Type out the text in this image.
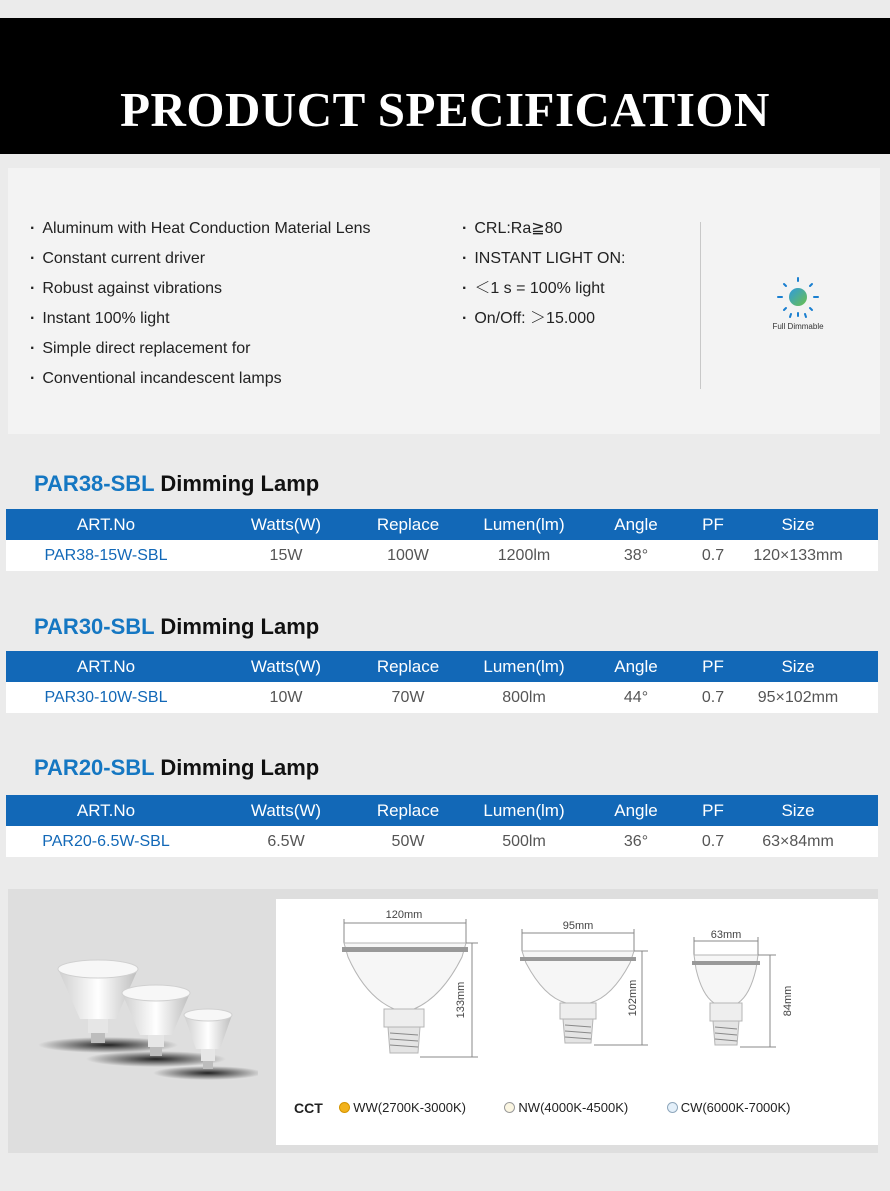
PRODUCT SPECIFICATION
· Aluminum with Heat Conduction Material Lens
· Constant current driver
· Robust against vibrations
· Instant 100% light
· Simple direct replacement for
· Conventional incandescent lamps
· CRL:Ra≧80
· INSTANT LIGHT ON:
· ＜1 s = 100% light
· On/Off: ＞15.000	Full Dimmable
PAR38-SBL Dimming Lamp
ART.No	Watts(W)	Replace	Lumen(lm)	Angle	PF	Size
PAR38-15W-SBL	15W	100W	1200lm	38°	0.7	120×133mm
PAR30-SBL Dimming Lamp
ART.No	Watts(W)	Replace	Lumen(lm)	Angle	PF	Size
PAR30-10W-SBL	10W	70W	800lm	44°	0.7	95×102mm
PAR20-SBL Dimming Lamp
ART.No	Watts(W)	Replace	Lumen(lm)	Angle	PF	Size
PAR20-6.5W-SBL	6.5W	50W	500lm	36°	0.7	63×84mm
120mm
133mm
95mm
102mm
63mm
84mm
CCT WW(2700K-3000K)	NW(4000K-4500K)	CW(6000K-7000K)
